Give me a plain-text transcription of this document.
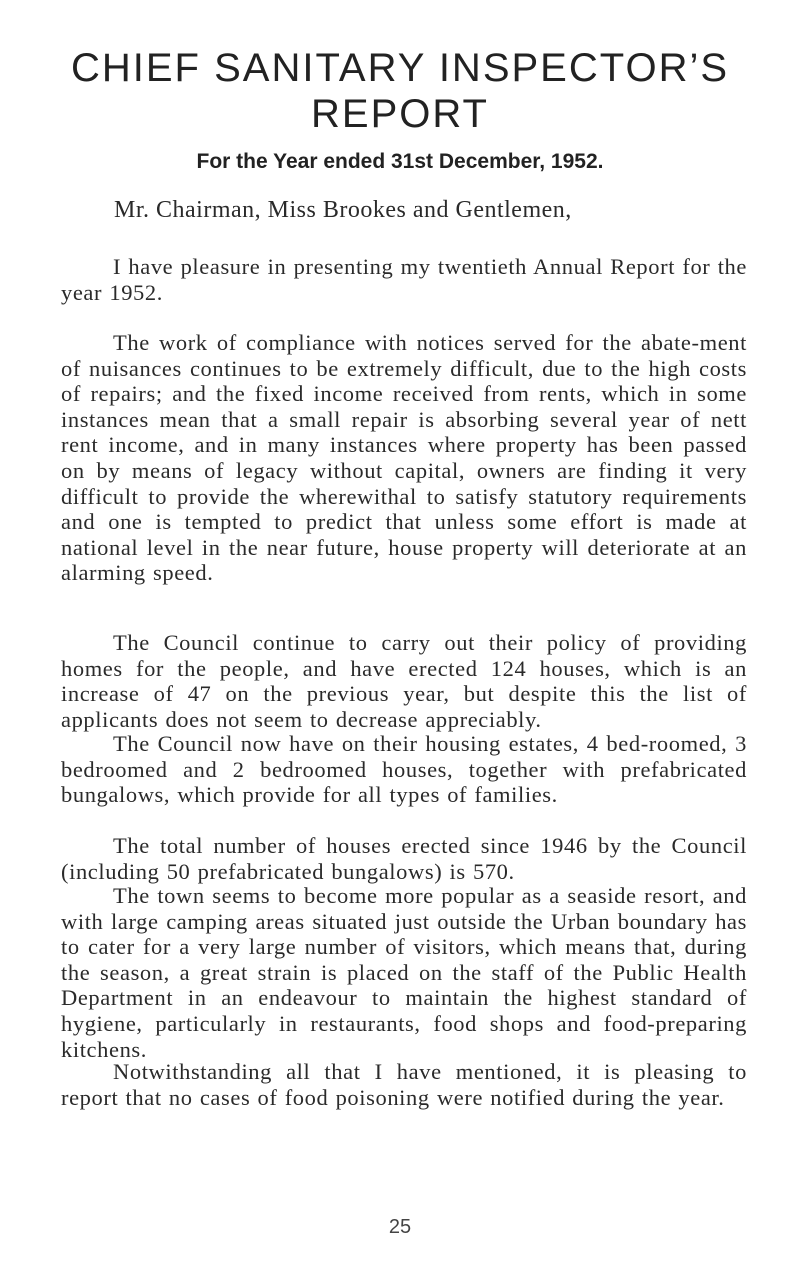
CHIEF SANITARY INSPECTOR’S
REPORT
For the Year ended 31st December, 1952.

Mr. Chairman, Miss Brookes and Gentlemen,

I have pleasure in presenting my twentieth Annual Report for the year 1952.

The work of compliance with notices served for the abate-ment of nuisances continues to be extremely difficult, due to the high costs of repairs; and the fixed income received from rents, which in some instances mean that a small repair is absorbing several year of nett rent income, and in many instances where property has been passed on by means of legacy without capital, owners are finding it very difficult to provide the wherewithal to satisfy statutory requirements and one is tempted to predict that unless some effort is made at national level in the near future, house property will deteriorate at an alarming speed.

The Council continue to carry out their policy of providing homes for the people, and have erected 124 houses, which is an increase of 47 on the previous year, but despite this the list of applicants does not seem to decrease appreciably.

The Council now have on their housing estates, 4 bed-roomed, 3 bedroomed and 2 bedroomed houses, together with prefabricated bungalows, which provide for all types of families.

The total number of houses erected since 1946 by the Council (including 50 prefabricated bungalows) is 570.

The town seems to become more popular as a seaside resort, and with large camping areas situated just outside the Urban boundary has to cater for a very large number of visitors, which means that, during the season, a great strain is placed on the staff of the Public Health Department in an endeavour to maintain the highest standard of hygiene, particularly in restaurants, food shops and food-preparing kitchens.

Notwithstanding all that I have mentioned, it is pleasing to report that no cases of food poisoning were notified during the year.

25
